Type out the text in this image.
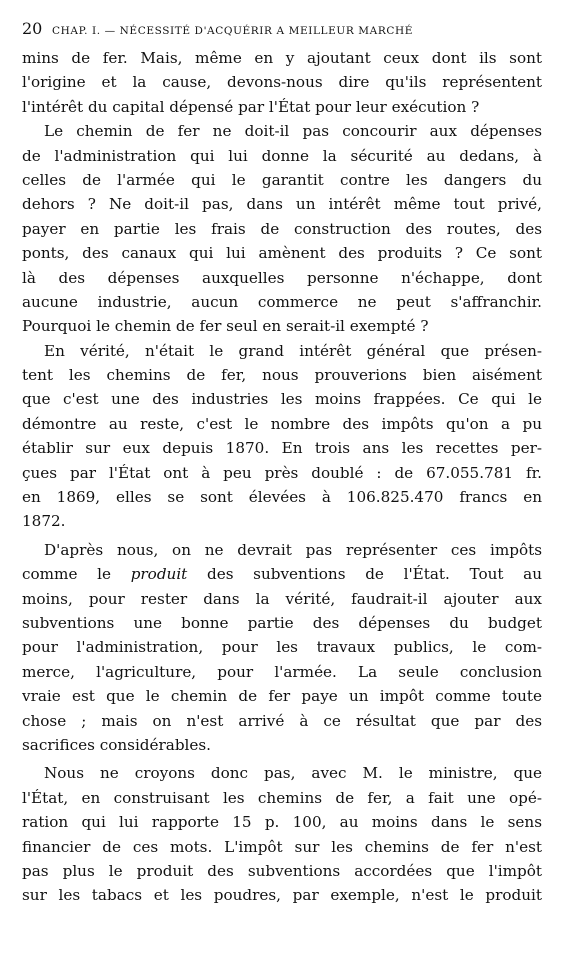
20 CHAP. I. — NÉCESSITÉ D'ACQUÉRIR A MEILLEUR MARCHÉ
mins de fer. Mais, même en y ajoutant ceux dont ils sont
l'origine et la cause, devons-nous dire qu'ils représentent
l'intérêt du capital dépensé par l'État pour leur exécution ?
Le chemin de fer ne doit-il pas concourir aux dépenses
de l'administration qui lui donne la sécurité au dedans, à
celles de l'armée qui le garantit contre les dangers du
dehors ? Ne doit-il pas, dans un intérêt même tout privé,
payer en partie les frais de construction des routes, des
ponts, des canaux qui lui amènent des produits ? Ce sont
là des dépenses auxquelles personne n'échappe, dont
aucune industrie, aucun commerce ne peut s'affranchir.
Pourquoi le chemin de fer seul en serait-il exempté ?
En vérité, n'était le grand intérêt général que présen-
tent les chemins de fer, nous prouverions bien aisément
que c'est une des industries les moins frappées. Ce qui le
démontre au reste, c'est le nombre des impôts qu'on a pu
établir sur eux depuis 1870. En trois ans les recettes per-
çues par l'État ont à peu près doublé : de 67.055.781 fr.
en 1869, elles se sont élevées à 106.825.470 francs en
1872.
D'après nous, on ne devrait pas représenter ces impôts
comme le produit des subventions de l'État. Tout au
moins, pour rester dans la vérité, faudrait-il ajouter aux
subventions une bonne partie des dépenses du budget
pour l'administration, pour les travaux publics, le com-
merce, l'agriculture, pour l'armée. La seule conclusion
vraie est que le chemin de fer paye un impôt comme toute
chose ; mais on n'est arrivé à ce résultat que par des
sacrifices considérables.
Nous ne croyons donc pas, avec M. le ministre, que
l'État, en construisant les chemins de fer, a fait une opé-
ration qui lui rapporte 15 p. 100, au moins dans le sens
financier de ces mots. L'impôt sur les chemins de fer n'est
pas plus le produit des subventions accordées que l'impôt
sur les tabacs et les poudres, par exemple, n'est le produit
